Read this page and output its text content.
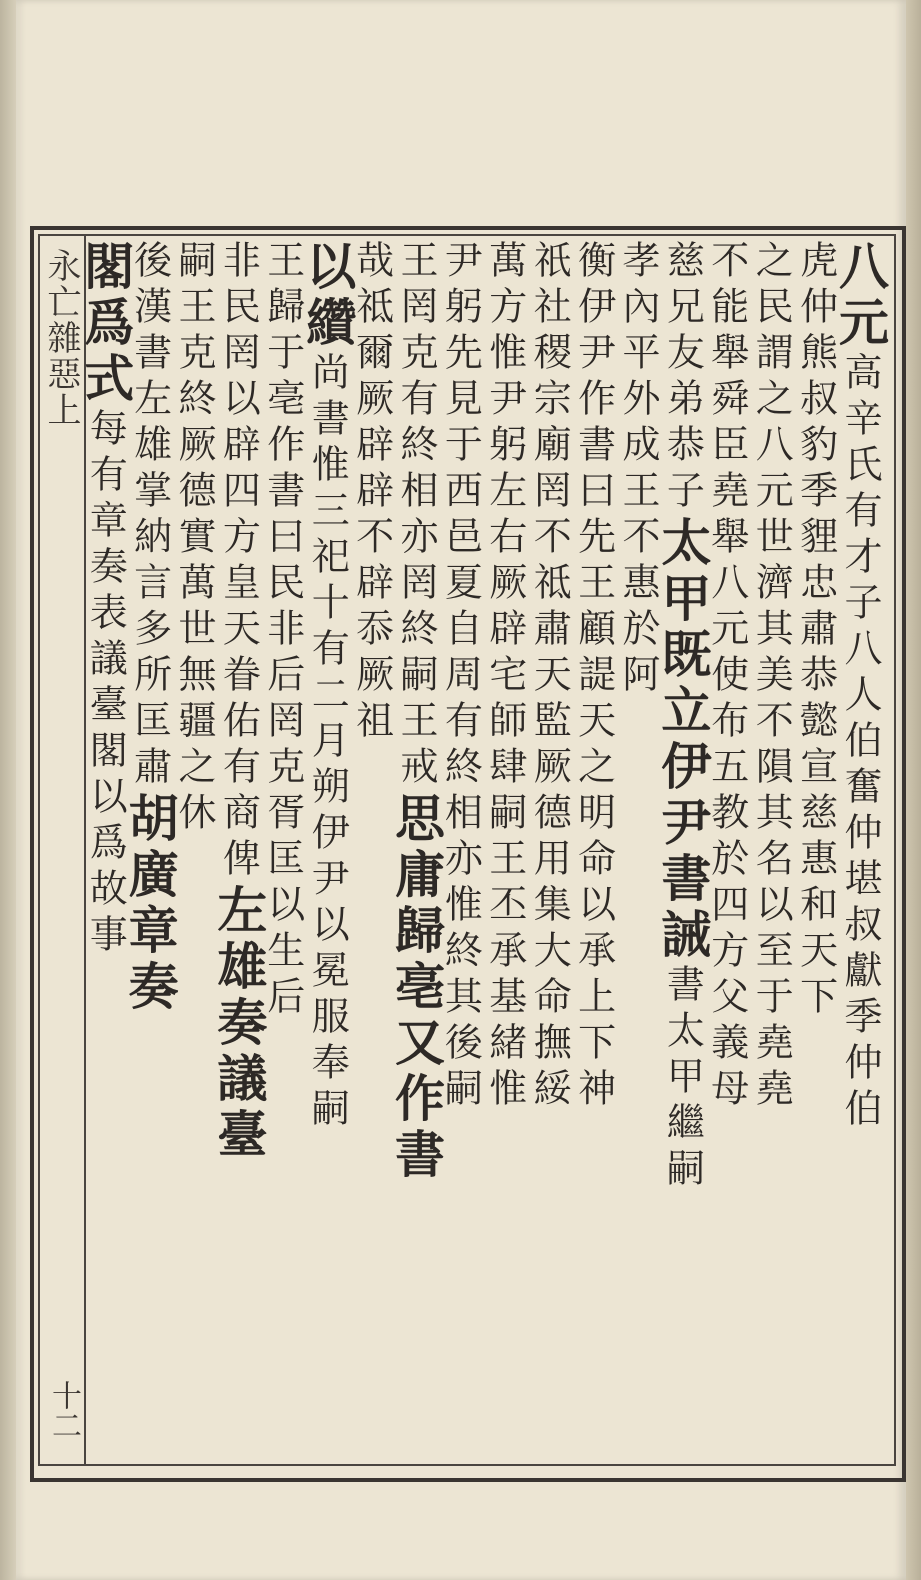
永亡雜惡上
十二
八元高辛氏有才子八人伯奮仲堪叔獻季仲伯
虎仲熊叔豹季貍忠肅恭懿宣慈惠和天下
之民謂之八元世濟其美不隕其名以至于堯堯
不能舉舜臣堯舉八元使布五教於四方父義母
慈兄友弟恭子太甲既立伊尹書誡書太甲繼嗣
孝內平外成王不惠於阿
衡伊尹作書曰先王顧諟天之明命以承上下神
祇社稷宗廟罔不祗肅天監厥德用集大命撫綏
萬方惟尹躬左右厥辟宅師肆嗣王丕承基緒惟
尹躬先見于西邑夏自周有終相亦惟終其後嗣
王罔克有終相亦罔終嗣王戒思庸歸亳又作書
哉祗爾厥辟辟不辟忝厥祖
以纘尚書惟三祀十有二月朔伊尹以冕服奉嗣
王歸于亳作書曰民非后罔克胥匡以生后
非民罔以辟四方皇天眷佑有商俾左雄奏議臺
嗣王克終厥德實萬世無疆之休
後漢書左雄掌納言多所匡肅胡廣章奏
閣爲式每有章奏表議臺閣以爲故事
